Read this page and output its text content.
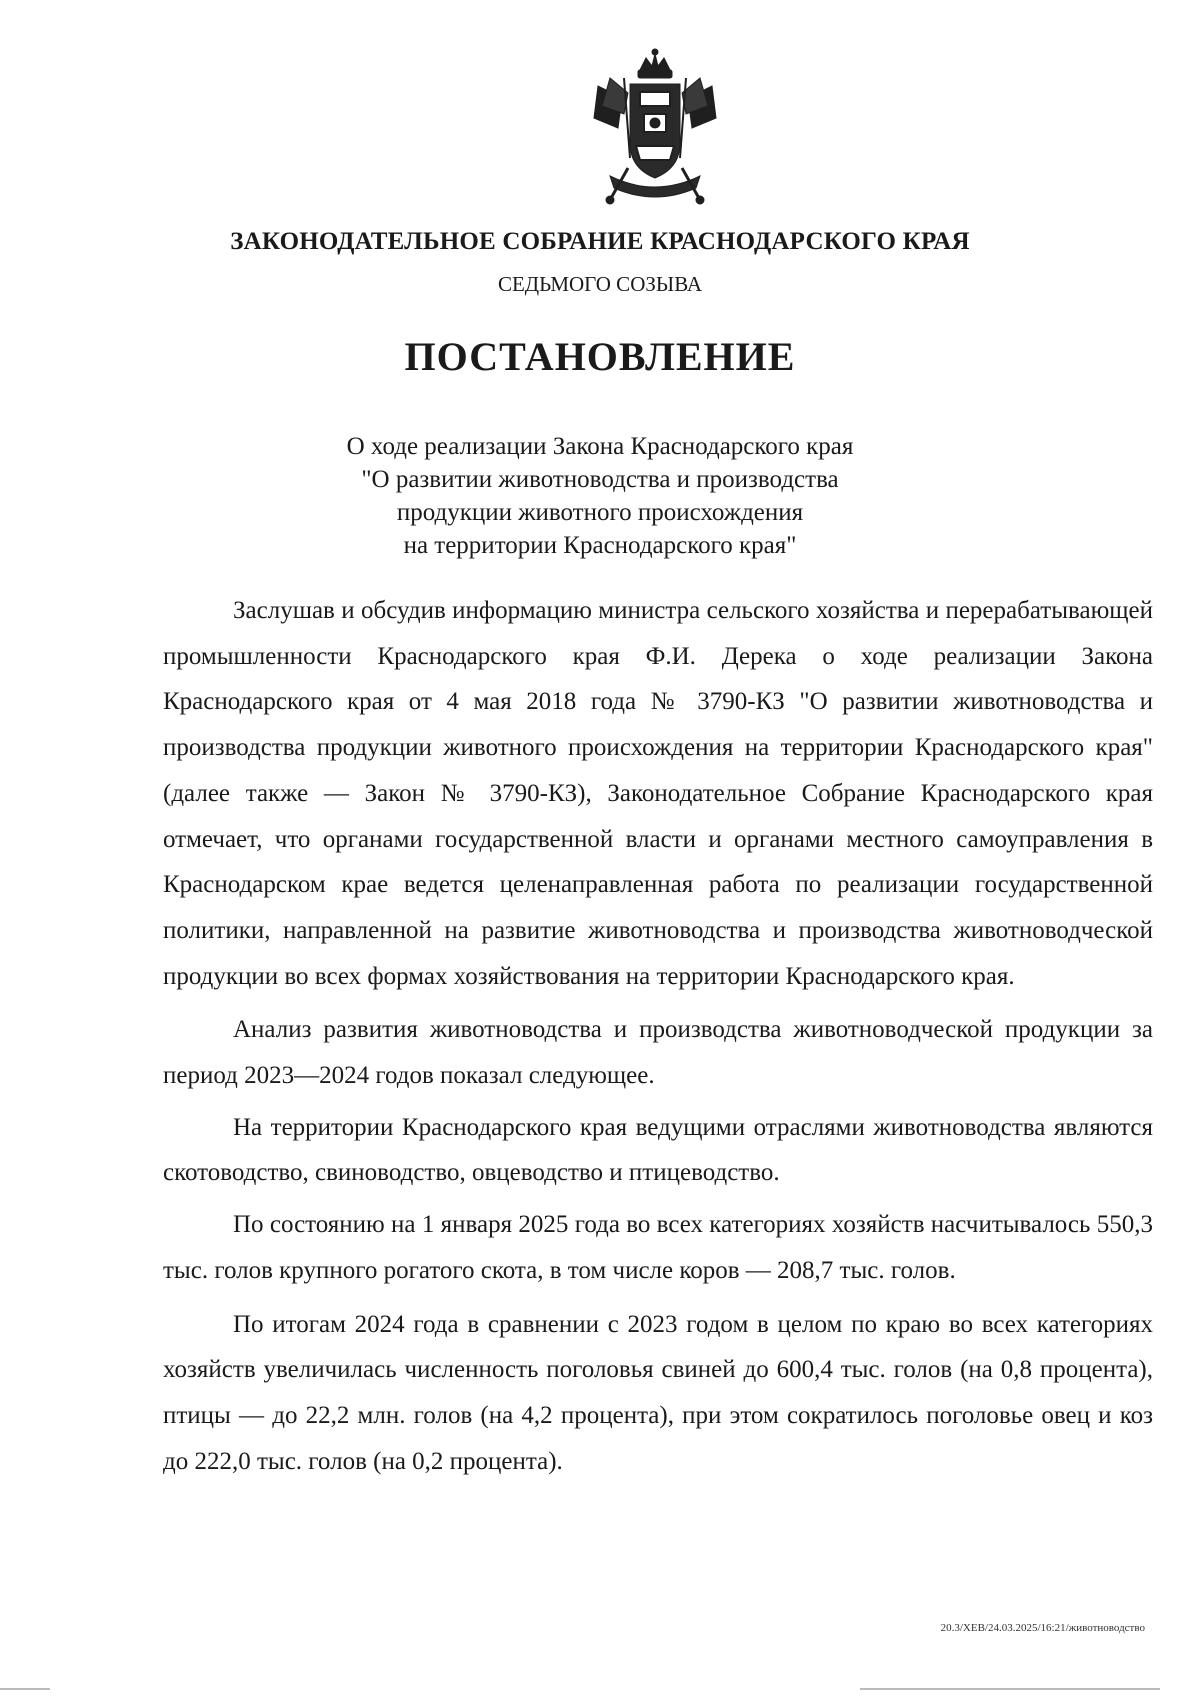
ЗАКОНОДАТЕЛЬНОЕ СОБРАНИЕ КРАСНОДАРСКОГО КРАЯ
СЕДЬМОГО СОЗЫВА
ПОСТАНОВЛЕНИЕ
О ходе реализации Закона Краснодарского края
"О развитии животноводства и производства
продукции животного происхождения
на территории Краснодарского края"

Заслушав и обсудив информацию министра сельского хозяйства и перерабатывающей промышленности Краснодарского края Ф.И. Дерека о ходе реализации Закона Краснодарского края от 4 мая 2018 года № 3790-КЗ "О развитии животноводства и производства продукции животного происхождения на территории Краснодарского края" (далее также — Закон № 3790-КЗ), Законодательное Собрание Краснодарского края отмечает, что органами государственной власти и органами местного самоуправления в Краснодарском крае ведется целенаправленная работа по реализации государственной политики, направленной на развитие животноводства и производства животноводческой продукции во всех формах хозяйствования на территории Краснодарского края.

Анализ развития животноводства и производства животноводческой продукции за период 2023—2024 годов показал следующее.

На территории Краснодарского края ведущими отраслями животноводства являются скотоводство, свиноводство, овцеводство и птицеводство.

По состоянию на 1 января 2025 года во всех категориях хозяйств насчитывалось 550,3 тыс. голов крупного рогатого скота, в том числе коров — 208,7 тыс. голов.

По итогам 2024 года в сравнении с 2023 годом в целом по краю во всех категориях хозяйств увеличилась численность поголовья свиней до 600,4 тыс. голов (на 0,8 процента), птицы — до 22,2 млн. голов (на 4,2 процента), при этом сократилось поголовье овец и коз до 222,0 тыс. голов (на 0,2 процента).

20.3/ХЕВ/24.03.2025/16:21/животноводство
